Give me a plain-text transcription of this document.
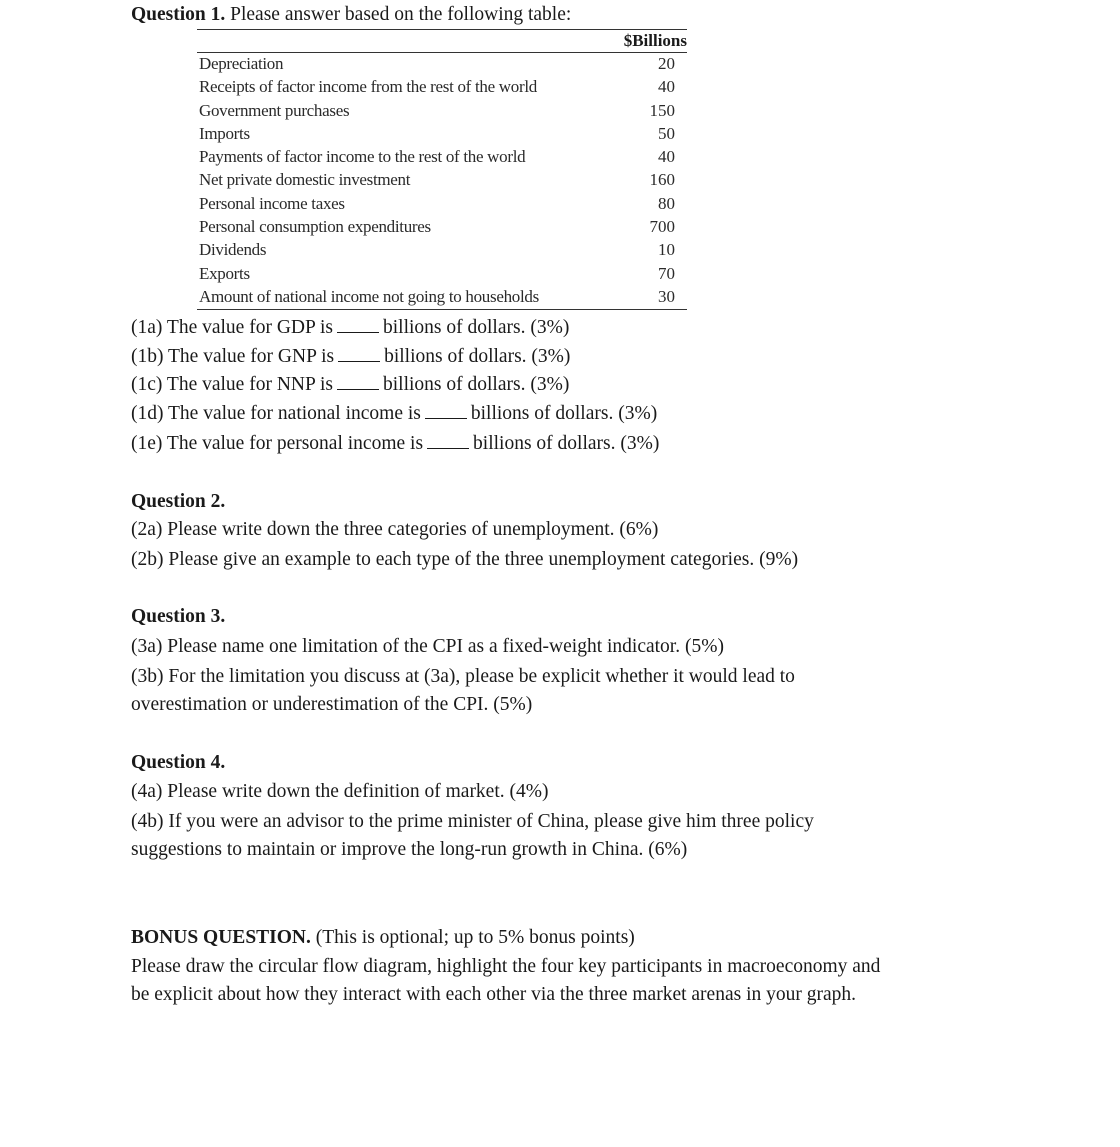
Question 1. Please answer based on the following table:
$Billions
Depreciation	20
Receipts of factor income from the rest of the world	40
Government purchases	150
Imports	50
Payments of factor income to the rest of the world	40
Net private domestic investment	160
Personal income taxes	80
Personal consumption expenditures	700
Dividends	10
Exports	70
Amount of national income not going to households	30
(1a) The value for GDP is	billions of dollars. (3%)
(1b) The value for GNP is	billions of dollars. (3%)
(1c) The value for NNP is	billions of dollars. (3%)
(1d) The value for national income is	billions of dollars. (3%)
(1e) The value for personal income is	billions of dollars. (3%)
Question 2.
(2a) Please write down the three categories of unemployment. (6%)
(2b) Please give an example to each type of the three unemployment categories. (9%)
Question 3.
(3a) Please name one limitation of the CPI as a fixed-weight indicator. (5%)
(3b) For the limitation you discuss at (3a), please be explicit whether it would lead to
overestimation or underestimation of the CPI. (5%)
Question 4.
(4a) Please write down the definition of market. (4%)
(4b) If you were an advisor to the prime minister of China, please give him three policy
suggestions to maintain or improve the long-run growth in China. (6%)
BONUS QUESTION. (This is optional; up to 5% bonus points)
Please draw the circular flow diagram, highlight the four key participants in macroeconomy and
be explicit about how they interact with each other via the three market arenas in your graph.
